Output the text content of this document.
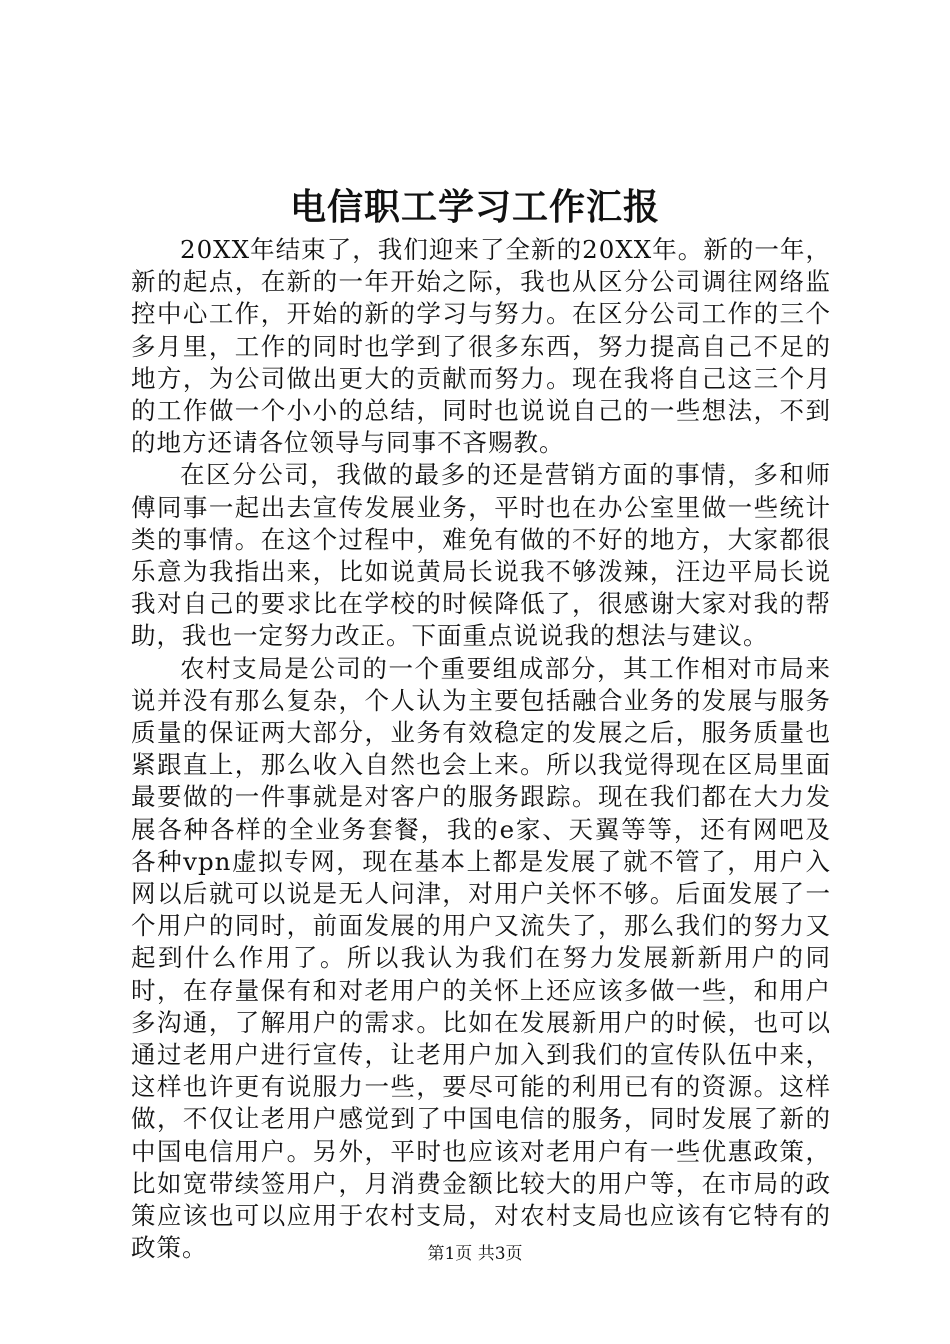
电信职工学习工作汇报

20XX年结束了，我们迎来了全新的20XX年。新的一年，新的起点，在新的一年开始之际，我也从区分公司调往网络监控中心工作，开始的新的学习与努力。在区分公司工作的三个多月里，工作的同时也学到了很多东西，努力提高自己不足的地方，为公司做出更大的贡献而努力。现在我将自己这三个月的工作做一个小小的总结，同时也说说自己的一些想法，不到的地方还请各位领导与同事不吝赐教。

在区分公司，我做的最多的还是营销方面的事情，多和师傅同事一起出去宣传发展业务，平时也在办公室里做一些统计类的事情。在这个过程中，难免有做的不好的地方，大家都很乐意为我指出来，比如说黄局长说我不够泼辣，汪边平局长说我对自己的要求比在学校的时候降低了，很感谢大家对我的帮助，我也一定努力改正。下面重点说说我的想法与建议。

农村支局是公司的一个重要组成部分，其工作相对市局来说并没有那么复杂，个人认为主要包括融合业务的发展与服务质量的保证两大部分，业务有效稳定的发展之后，服务质量也紧跟直上，那么收入自然也会上来。所以我觉得现在区局里面最要做的一件事就是对客户的服务跟踪。现在我们都在大力发展各种各样的全业务套餐，我的e家、天翼等等，还有网吧及各种vpn虚拟专网，现在基本上都是发展了就不管了，用户入网以后就可以说是无人问津，对用户关怀不够。后面发展了一个用户的同时，前面发展的用户又流失了，那么我们的努力又起到什么作用了。所以我认为我们在努力发展新新用户的同时，在存量保有和对老用户的关怀上还应该多做一些，和用户多沟通，了解用户的需求。比如在发展新用户的时候，也可以通过老用户进行宣传，让老用户加入到我们的宣传队伍中来，这样也许更有说服力一些，要尽可能的利用已有的资源。这样做，不仅让老用户感觉到了中国电信的服务，同时发展了新的中国电信用户。另外，平时也应该对老用户有一些优惠政策，比如宽带续签用户，月消费金额比较大的用户等，在市局的政策应该也可以应用于农村支局，对农村支局也应该有它特有的政策。	第1页 共3页
